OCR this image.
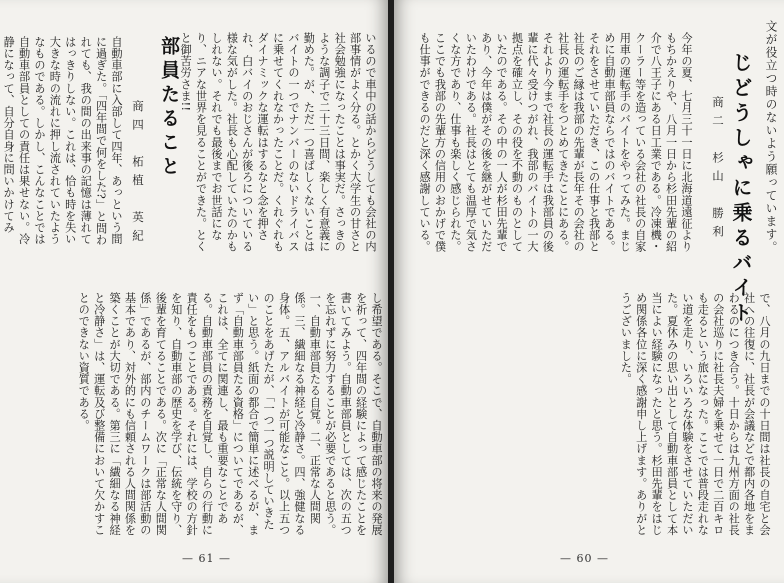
いるので車中の話からどうしても会社の内部事情がよく分る。とかく大学生の甘さと社会勉強になったことは事実だ。さっきのような調子で二十三日間、楽しく有意義に勤めた。が、ただ一つ喜ばしくないことはバイトの一つでナンバーのないドライバスに乗せてくれなかったことだ。くれぐれもダイナミックな運転はするなと念を押され、白バイのおじさんが後ろについている様な気がした。社長も心配していたのかもしれない。それでも最後までお世話になり、ニアな世界を見ることができた。とくと御苦労さま!!
部員たること
商四　柘植　英紀
自動車部に入部して四年、あっという間に過ぎた。「四年間で何をした?」と問われても、我の間の出来事の記憶は薄れてはっきりしない。これは、恰も時を失い大きな時の流れに押し流されていたようなものである。しかし、こんなことでは自動車部員としての責任は果せない。冷静になって、自分自身に問いかけてみ
し希望である。そこで、自動車部の将来の発展を祈って、四年間の経験によって感じたことを書いてみよう。自動車部員としては、次の五つを忘れずに努力することが必要であると思う。一、自動車部員たる自覚。二、正常な人間関係。三、繊細なる神経と冷静さ。四、強健なる身体。五、アルバイトが可能なこと。以上五つのことをあげたが、「一つ一つ説明していきたい」と思う。紙面の都合で簡単に述べるが、まず「自動車部員たる資格」についてであるが、これは、全てに関連し、最も重要なことである。自動車部員の責務を自覚し、自らの行動に責任をもつことである。それには、学校の方針を知り、自動車部の歴史を学び、伝統を守り、後輩を育てることである。次に「正常な人間関係」であるが、部内のチームワークは部活動の基本であり、対外的にも信頼される人間関係を築くことが大切である。第三に「繊細なる神経と冷静さ」は、運転及び整備において欠かすことのできない資質である。
— 61 —
文が役立つ時のないよう願っています。
じどうしゃに乗るバイト
商二　杉山　勝利
今年の夏、七月三十一日に北海道遠征よりもちかえりや、八月一日から杉田先輩の紹介で八王子にある日工業である。冷凍機・クーラー等を造っている会社の社長の自家用車の運転手のバイトをやってみた。まじめに自動車部員ならではのバイトである。それをさせていただき、この仕事と我部と社長のご縁は我部の先輩が長年その会社の社長の運転手をつとめてきたことにある。それより今まで社長の運転手は我部員の後輩に代々受けつがれ、我部のバイトの一大拠点を確立し、その役を不動のものとしていたのである。その中の一人が杉田先輩であり、今年は僕がその後を継がせていただいたわけである。社長はとても温厚で気さくな方であり、仕事も楽しく感じられた。ここでも我部の先輩方の信用のおかげで僕も仕事ができるのだと深く感謝している。
で、八月の九日までの十日間は社長の自宅と会社への往復に、社長が会議などで都内各地をまわるのにつき合う。十日からは九州方面の社長の会社巡りに社長夫婦を乗せて一日で二百キロも走るという旅になった。ここでは普段走れない道を走り、いろいろな体験をさせていただいた。夏休みの思い出として自動車部員として本当によい経験になったと思う。杉田先輩をはじめ関係各位に深く感謝申し上げます。ありがとうございました。
— 60 —
